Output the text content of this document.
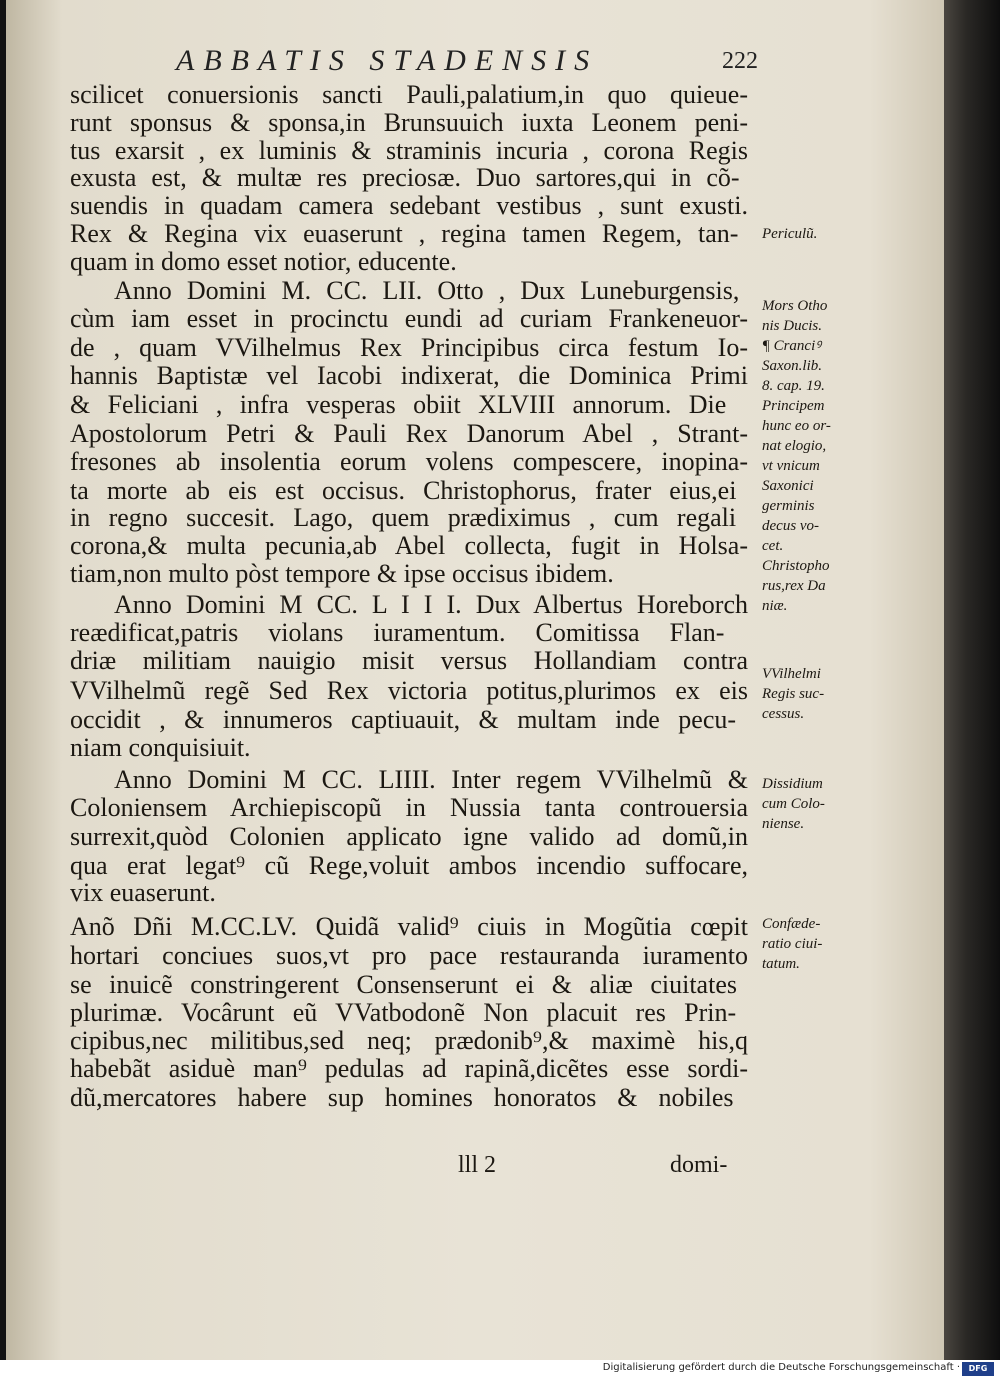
ABBATIS STADENSIS	222
scilicet conuersionis sancti Pauli,palatium,in quo quieue-
runt sponsus & sponsa,in Brunsuuich iuxta Leonem peni-
tus exarsit , ex luminis & straminis incuria , corona Regis
exusta est, & multæ res preciosæ. Duo sartores,qui in cõ-
suendis in quadam camera sedebant vestibus , sunt exusti.
Rex & Regina vix euaserunt , regina tamen Regem, tan-
quam in domo esset notior, educente.
Anno Domini M. CC. LII. Otto , Dux Luneburgensis,
cùm iam esset in procinctu eundi ad curiam Frankeneuor-
de , quam VVilhelmus Rex Principibus circa festum Io-
hannis Baptistæ vel Iacobi indixerat, die Dominica Primi
& Feliciani , infra vesperas obiit XLVIII annorum. Die
Apostolorum Petri & Pauli Rex Danorum Abel , Strant-
fresones ab insolentia eorum volens compescere, inopina-
ta morte ab eis est occisus. Christophorus, frater eius,ei
in regno succesit. Lago, quem prædiximus , cum regali
corona,& multa pecunia,ab Abel collecta, fugit in Holsa-
tiam,non multo pòst tempore & ipse occisus ibidem.
Anno Domini M CC. L I I I. Dux Albertus Horeborch
reædificat,patris violans iuramentum. Comitissa Flan-
driæ militiam nauigio misit versus Hollandiam contra
VVilhelmũ regẽ Sed Rex victoria potitus,plurimos ex eis
occidit , & innumeros captiuauit, & multam inde pecu-
niam conquisiuit.
Anno Domini M CC. LIIII. Inter regem VVilhelmũ &
Coloniensem Archiepiscopũ in Nussia tanta controuersia
surrexit,quòd Colonien applicato igne valido ad domũ,in
qua erat legat⁹ cũ Rege,voluit ambos incendio suffocare,
vix euaserunt.
Anõ Dñi M.CC.LV. Quidã valid⁹ ciuis in Mogũtia cœpit
hortari conciues suos,vt pro pace restauranda iuramento
se inuicẽ constringerent Consenserunt ei & aliæ ciuitates
plurimæ. Vocârunt eũ VVatbodonẽ Non placuit res Prin-
cipibus,nec militibus,sed neq; prædonib⁹,& maximè his,q
habebãt asiduè man⁹ pedulas ad rapinã,dicẽtes esse sordi-
dũ,mercatores habere sup homines honoratos & nobiles
Periculũ.
Mors Otho
nis Ducis.
¶ Cranciꝰ
Saxon.lib.
8. cap. 19.
Principem
hunc eo or-
nat elogio,
vt vnicum
Saxonici
germinis
decus vo-
cet.
Christopho
rus,rex Da
niæ.
VVilhelmi
Regis suc-
cessus.
Dissidium
cum Colo-
niense.
Confæde-
ratio ciui-
tatum.
lll 2	domi-
Digitalisierung gefördert durch die Deutsche Forschungsgemeinschaft ·	DFG
